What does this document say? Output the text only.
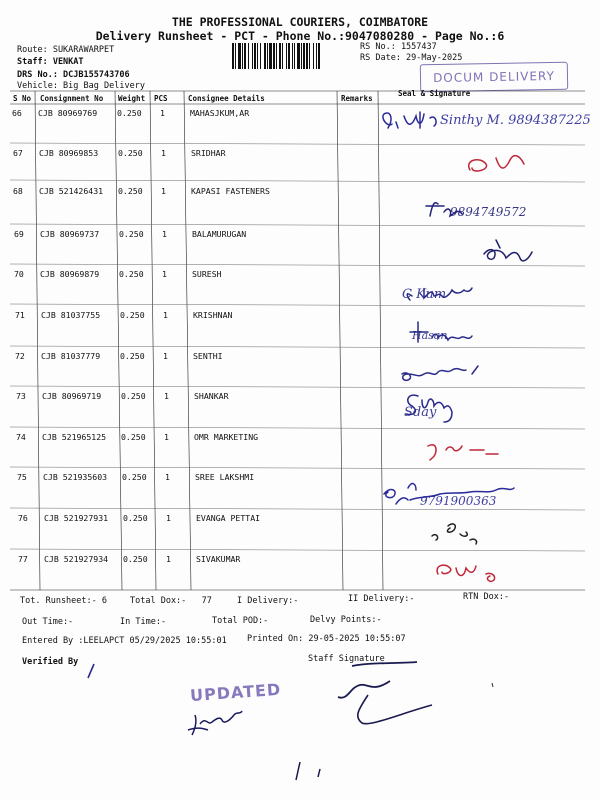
THE PROFESSIONAL COURIERS, COIMBATORE
Delivery Runsheet - PCT - Phone No.:9047080280 - Page No.:6
Route: SUKARAWARPET
Staff: VENKAT
DRS No.: DCJB155743706
Vehicle: Big Bag Delivery
RS No.: 1557437
RS Date: 29-May-2025
DOCUM DELIVERY
S No Consignment No Weight PCS	Consignee Details	Remarks
Seal & Signature
66 CJB 80969769 0.250 1	MAHASJKUM,AR
67 CJB 80969853 0.250 1	SRIDHAR
68 CJB 521426431 0.250 1	KAPASI FASTENERS
69 CJB 80969737 0.250 1	BALAMURUGAN
70 CJB 80969879 0.250 1	SURESH
71 CJB 81037755 0.250 1	KRISHNAN
72 CJB 81037779 0.250 1	SENTHI
73 CJB 80969719 0.250 1	SHANKAR
74 CJB 521965125 0.250 1	OMR MARKETING
75 CJB 521935603 0.250 1	SREE LAKSHMI
76 CJB 521927931 0.250 1	EVANGA PETTAI
77 CJB 521927934 0.250 1	SIVAKUMAR
Sinthy M. 9894387225
9894749572
C Kum
Hasan
Sday
9791900363
Tot. Runsheet:- 6	Total Dox:-   77	I Delivery:-	II Delivery:-	RTN Dox:-
Out Time:-	In Time:-	Total POD:-	Delvy Points:-
Entered By :LEELAPCT 05/29/2025 10:55:01 Printed On: 29-05-2025 10:55:07
Verified By	Staff Signature
UPDATED
